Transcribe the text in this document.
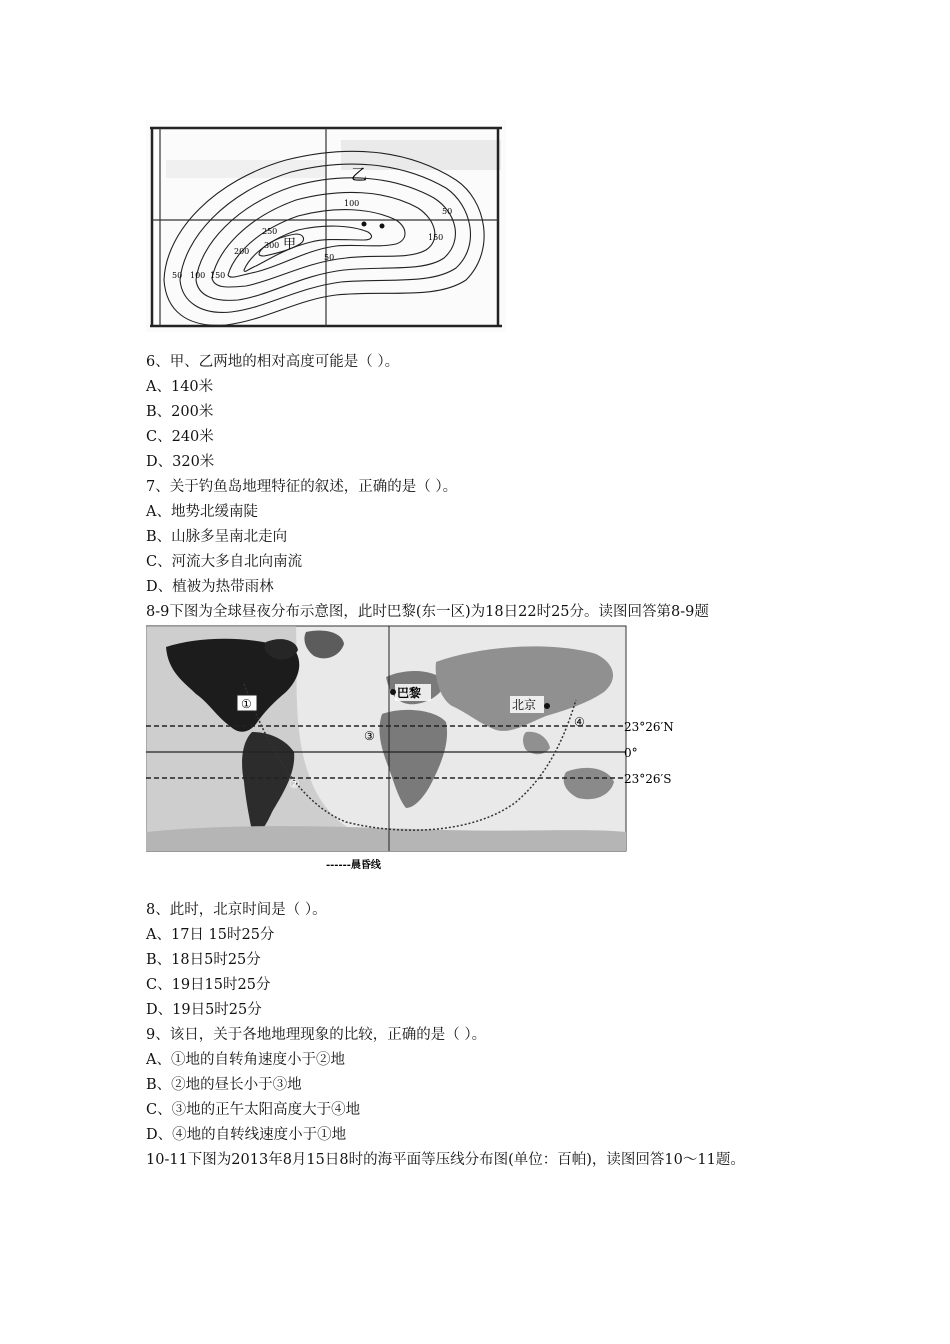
乙
甲
50 100 150
200
250
300
50
100
150
50
6、甲、乙两地的相对高度可能是（ ）。
A、140米
B、200米
C、240米
D、320米
7、关于钓鱼岛地理特征的叙述，正确的是（ ）。
A、地势北缓南陡
B、山脉多呈南北走向
C、河流大多自北向南流
D、植被为热带雨林
8-9下图为全球昼夜分布示意图，此时巴黎(东一区)为18日22时25分。读图回答第8-9题
①
②
③
④
巴黎
北京
23°26′N
0°
23°26′S
------晨昏线
8、此时，北京时间是（ ）。
A、17日 15时25分
B、18日5时25分
C、19日15时25分
D、19日5时25分
9、该日，关于各地地理现象的比较，正确的是（ ）。
A、①地的自转角速度小于②地
B、②地的昼长小于③地
C、③地的正午太阳高度大于④地
D、④地的自转线速度小于①地
10-11下图为2013年8月15日8时的海平面等压线分布图(单位：百帕)，读图回答10～11题。
